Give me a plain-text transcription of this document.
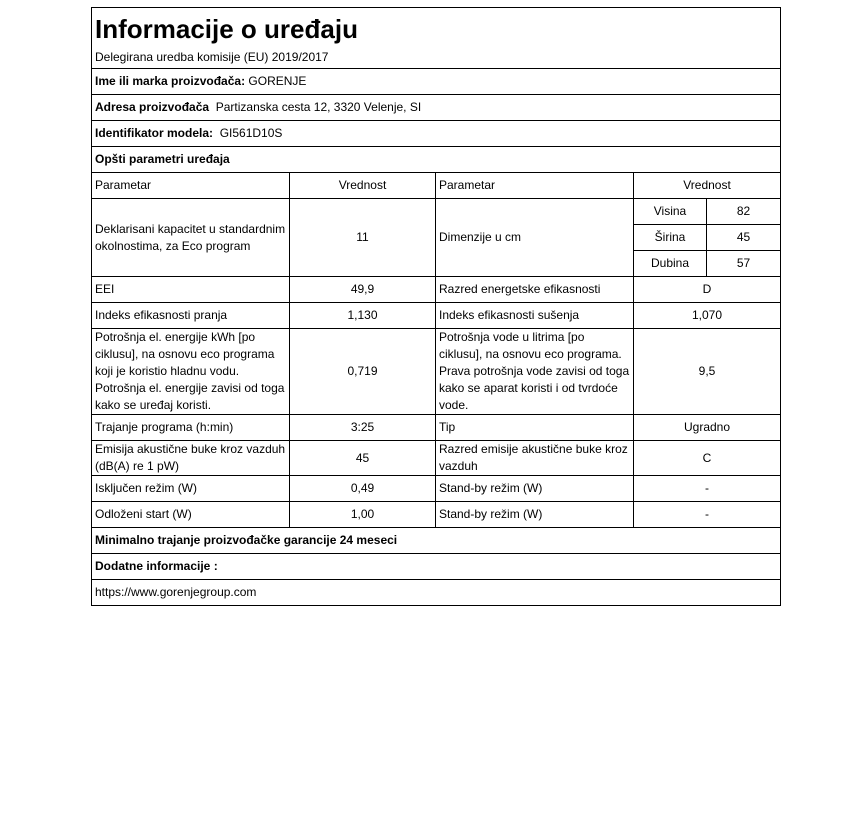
Informacije o uređaju				
Delegirana uredba komisije (EU) 2019/2017				
Ime ili marka proizvođača: GORENJE				
Adresa proizvođača Partizanska cesta 12, 3320 Velenje, SI				
Identifikator modela: GI561D10S				
Opšti parametri uređaja				
Parametar	Vrednost	Parametar	Vrednost	
Deklarisani kapacitet u standardnim okolnostima, za Eco program	11	Dimenzije u cm	Visina	82
			Širina	45
			Dubina	57
EEI	49,9	Razred energetske efikasnosti	D	
Indeks efikasnosti pranja	1,130	Indeks efikasnosti sušenja	1,070	
Potrošnja el. energije kWh [po ciklusu], na osnovu eco programa koji je koristio hladnu vodu. Potrošnja el. energije zavisi od toga kako se uređaj koristi.	0,719	Potrošnja vode u litrima [po ciklusu], na osnovu eco programa. Prava potrošnja vode zavisi od toga kako se aparat koristi i od tvrdoće vode.	9,5	
Trajanje programa (h:min)	3:25	Tip	Ugradno	
Emisija akustične buke kroz vazduh (dB(A) re 1 pW)	45	Razred emisije akustične buke kroz vazduh	C	
Isključen režim (W)	0,49	Stand-by režim (W)	-	
Odloženi start (W)	1,00	Stand-by režim (W)	-	
Minimalno trajanje proizvođačke garancije 24 meseci				
Dodatne informacije :				
https://www.gorenjegroup.com				
